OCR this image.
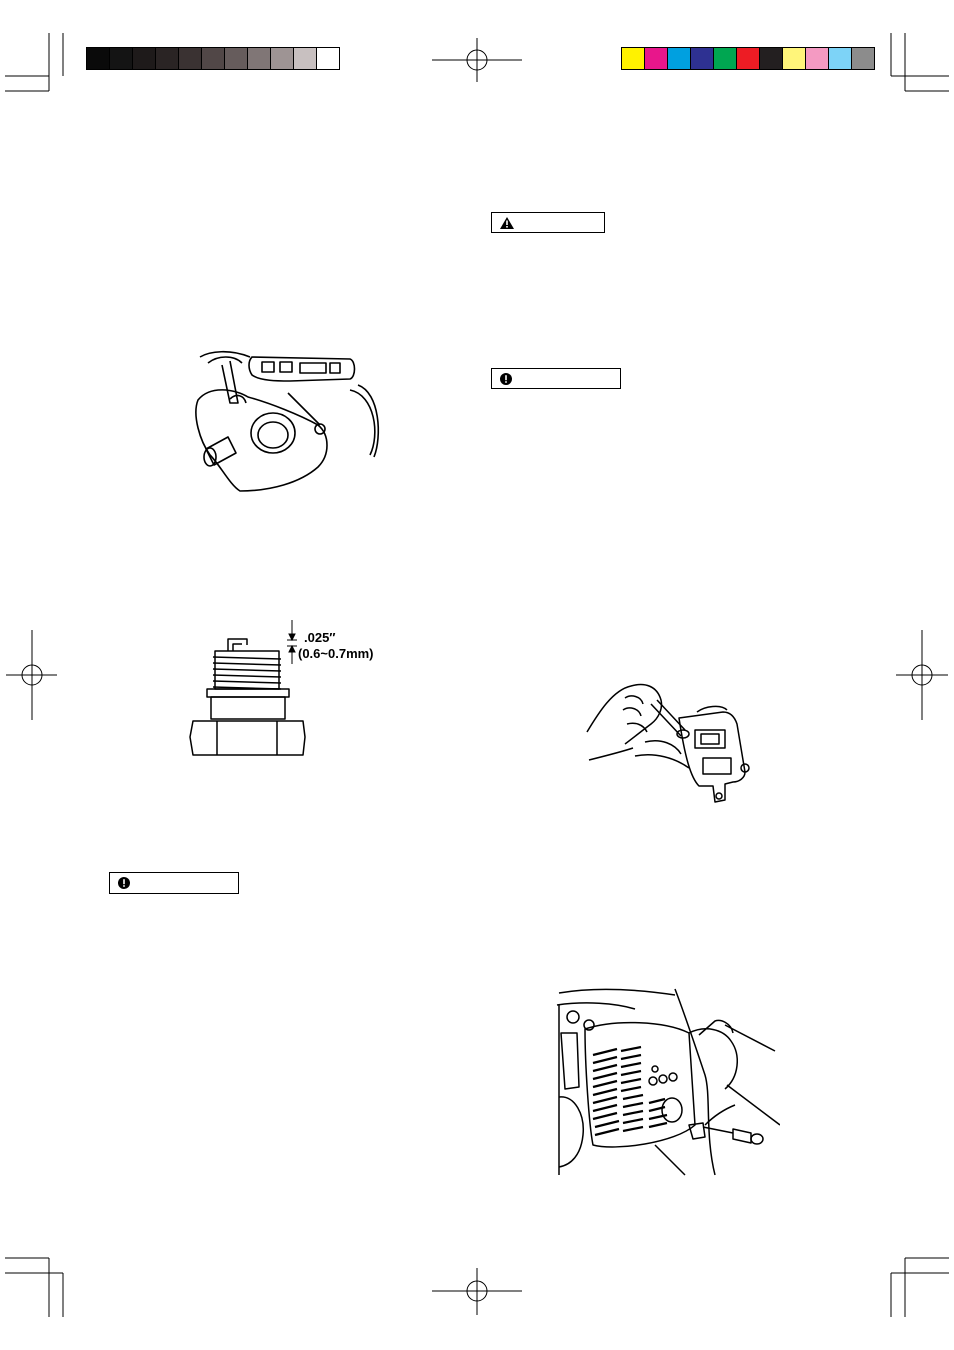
.025″
(0.6~0.7mm)
